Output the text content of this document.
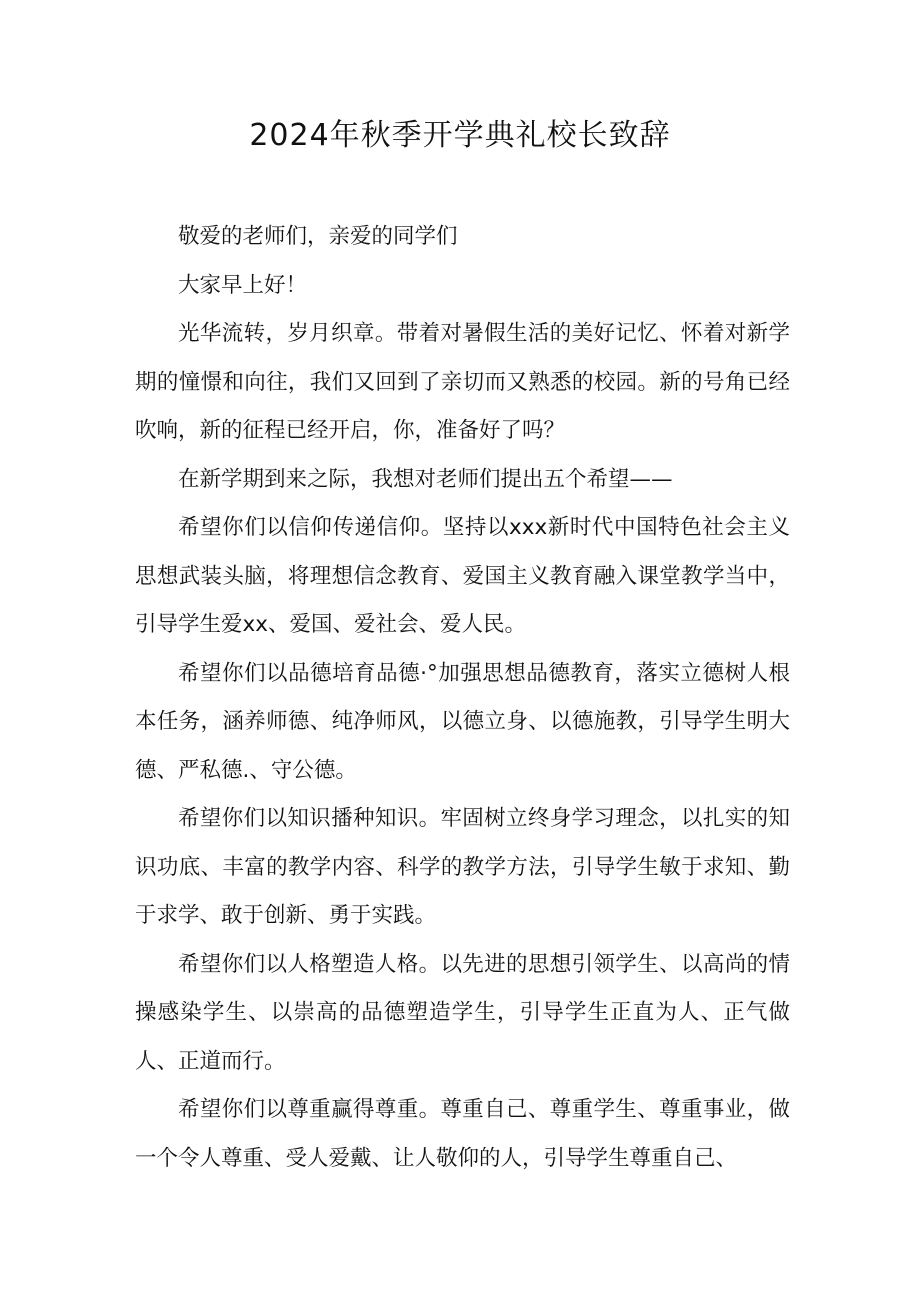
2024年秋季开学典礼校长致辞

敬爱的老师们，亲爱的同学们

大家早上好！

光华流转，岁月织章。带着对暑假生活的美好记忆、怀着对新学期的憧憬和向往，我们又回到了亲切而又熟悉的校园。新的号角已经吹响，新的征程已经开启，你，准备好了吗？

在新学期到来之际，我想对老师们提出五个希望——

希望你们以信仰传递信仰。坚持以xxx新时代中国特色社会主义思想武装头脑，将理想信念教育、爱国主义教育融入课堂教学当中，引导学生爱xx、爱国、爱社会、爱人民。

希望你们以品德培育品德·°加强思想品德教育，落实立德树人根本任务，涵养师德、纯净师风，以德立身、以德施教，引导学生明大德、严私德.、守公德。

希望你们以知识播种知识。牢固树立终身学习理念，以扎实的知识功底、丰富的教学内容、科学的教学方法，引导学生敏于求知、勤于求学、敢于创新、勇于实践。

希望你们以人格塑造人格。以先进的思想引领学生、以高尚的情操感染学生、以崇高的品德塑造学生，引导学生正直为人、正气做人、正道而行。

希望你们以尊重赢得尊重。尊重自己、尊重学生、尊重事业，做一个令人尊重、受人爱戴、让人敬仰的人，引导学生尊重自己、
